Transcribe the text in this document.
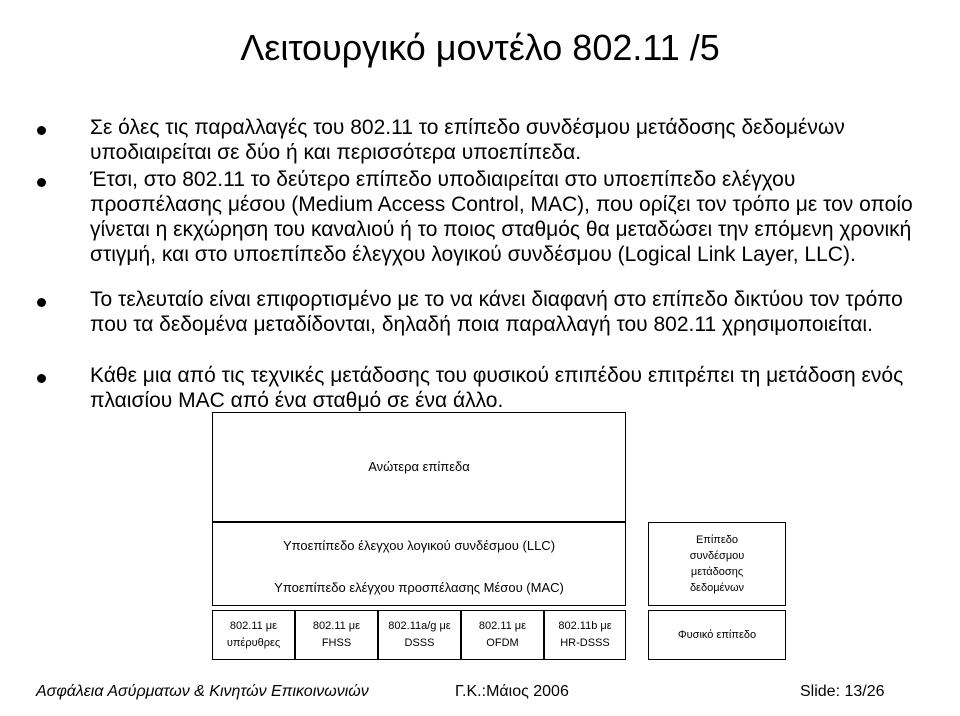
Λειτουργικό μοντέλο 802.11 /5
Σε όλες τις παραλλαγές του 802.11 το επίπεδο συνδέσμου μετάδοσης δεδομένων υποδιαιρείται σε δύο ή και περισσότερα υποεπίπεδα.
Έτσι, στο 802.11 το δεύτερο επίπεδο υποδιαιρείται στο υποεπίπεδο ελέγχου προσπέλασης μέσου (Medium Access Control, MAC), που ορίζει τον τρόπο με τον οποίο γίνεται η εκχώρηση του καναλιού ή το ποιος σταθμός θα μεταδώσει την επόμενη χρονική στιγμή, και στο υποεπίπεδο έλεγχου λογικού συνδέσμου (Logical Link Layer, LLC).
Το τελευταίο είναι επιφορτισμένο με το να κάνει διαφανή στο επίπεδο δικτύου τον τρόπο που τα δεδομένα μεταδίδονται, δηλαδή ποια παραλλαγή του 802.11 χρησιμοποιείται.
Κάθε μια από τις τεχνικές μετάδοσης του φυσικού επιπέδου επιτρέπει τη μετάδοση ενός πλαισίου MAC από ένα σταθμό σε ένα άλλο.
Ανώτερα επίπεδα
Υποεπίπεδο έλεγχου λογικού συνδέσμου (LLC)
Υποεπίπεδο ελέγχου προσπέλασης Μέσου (MAC)
Επίπεδο συνδέσμου μετάδοσης δεδομένων
802.11 με υπέρυθρες
802.11 με FHSS
802.11a/g με DSSS
802.11 με OFDM
802.11b με HR-DSSS
Φυσικό επίπεδο
Ασφάλεια Ασύρματων & Κινητών Επικοινωνιών	Γ.Κ.:Μάιος 2006	Slide: 13/26
